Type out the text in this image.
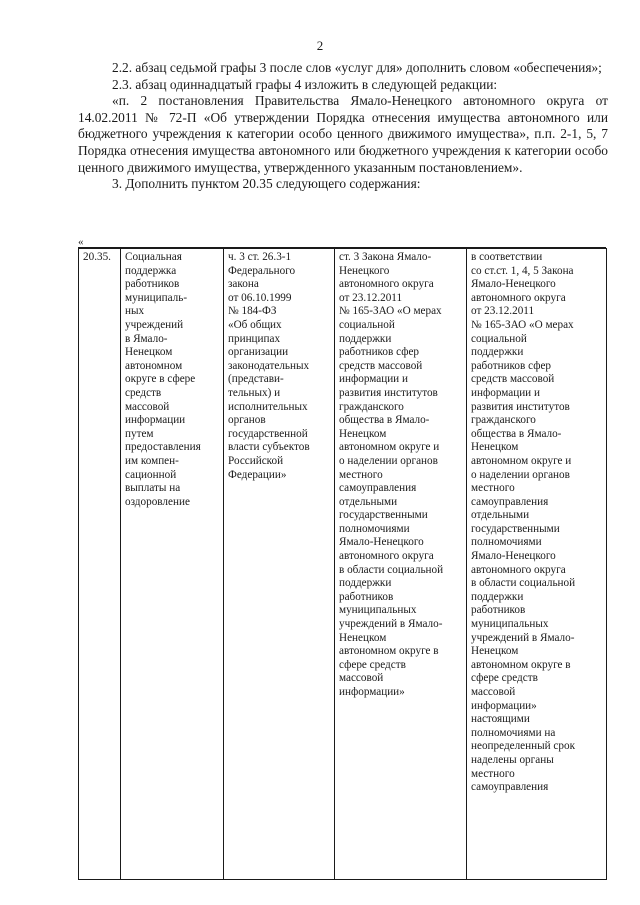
2

2.2. абзац седьмой графы 3 после слов «услуг для» дополнить словом «обеспечения»;

2.3. абзац одиннадцатый графы 4 изложить в следующей редакции:

«п. 2 постановления Правительства Ямало-Ненецкого автономного округа от 14.02.2011 № 72-П «Об утверждении Порядка отнесения имущества автономного или бюджетного учреждения к категории особо ценного движимого имущества», п.п. 2-1, 5, 7 Порядка отнесения имущества автономного или бюджетного учреждения к категории особо ценного движимого имущества, утвержденного указанным постановлением».

3. Дополнить пунктом 20.35 следующего содержания:

«
20.35.	Социальная
поддержка
работников
муниципаль-
ных
учреждений
в Ямало-
Ненецком
автономном
округе в сфере
средств
массовой
информации
путем
предоставления
им компен-
сационной
выплаты на
оздоровление

ч. 3 ст. 26.3-1
Федерального
закона
от 06.10.1999
№ 184-ФЗ
«Об общих
принципах
организации
законодательных
(представи-
тельных) и
исполнительных
органов
государственной
власти субъектов
Российской
Федерации»

ст. 3 Закона Ямало-
Ненецкого
автономного округа
от 23.12.2011
№ 165-ЗАО «О мерах
социальной
поддержки
работников сфер
средств массовой
информации и
развития институтов
гражданского
общества в Ямало-
Ненецком
автономном округе и
о наделении органов
местного
самоуправления
отдельными
государственными
полномочиями
Ямало-Ненецкого
автономного округа
в области социальной
поддержки
работников
муниципальных
учреждений в Ямало-
Ненецком
автономном округе в
сфере средств
массовой
информации»

в соответствии
со ст.ст. 1, 4, 5 Закона
Ямало-Ненецкого
автономного округа
от 23.12.2011
№ 165-ЗАО «О мерах
социальной
поддержки
работников сфер
средств массовой
информации и
развития институтов
гражданского
общества в Ямало-
Ненецком
автономном округе и
о наделении органов
местного
самоуправления
отдельными
государственными
полномочиями
Ямало-Ненецкого
автономного округа
в области социальной
поддержки
работников
муниципальных
учреждений в Ямало-
Ненецком
автономном округе в
сфере средств
массовой
информации»
настоящими
полномочиями на
неопределенный срок
наделены органы
местного
самоуправления
